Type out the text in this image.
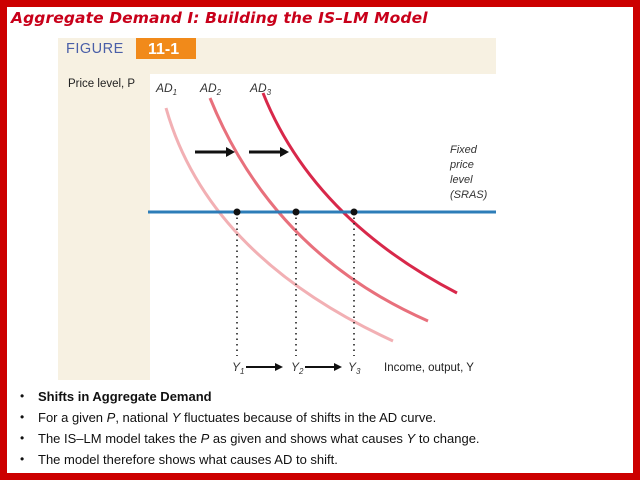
Aggregate Demand I: Building the IS–LM Model
FIGURE 11-1
Price level, P $AD_1$ $AD_2$ $AD_3$
Fixed price level (SRAS)
$Y_1$	$Y_2$	$Y_3$ Income, output, Y
•	Shifts in Aggregate Demand
•	For a given P, national Y fluctuates because of shifts in the AD curve.
•	The IS–LM model takes the P as given and shows what causes Y to change.
•	The model therefore shows what causes AD to shift.
